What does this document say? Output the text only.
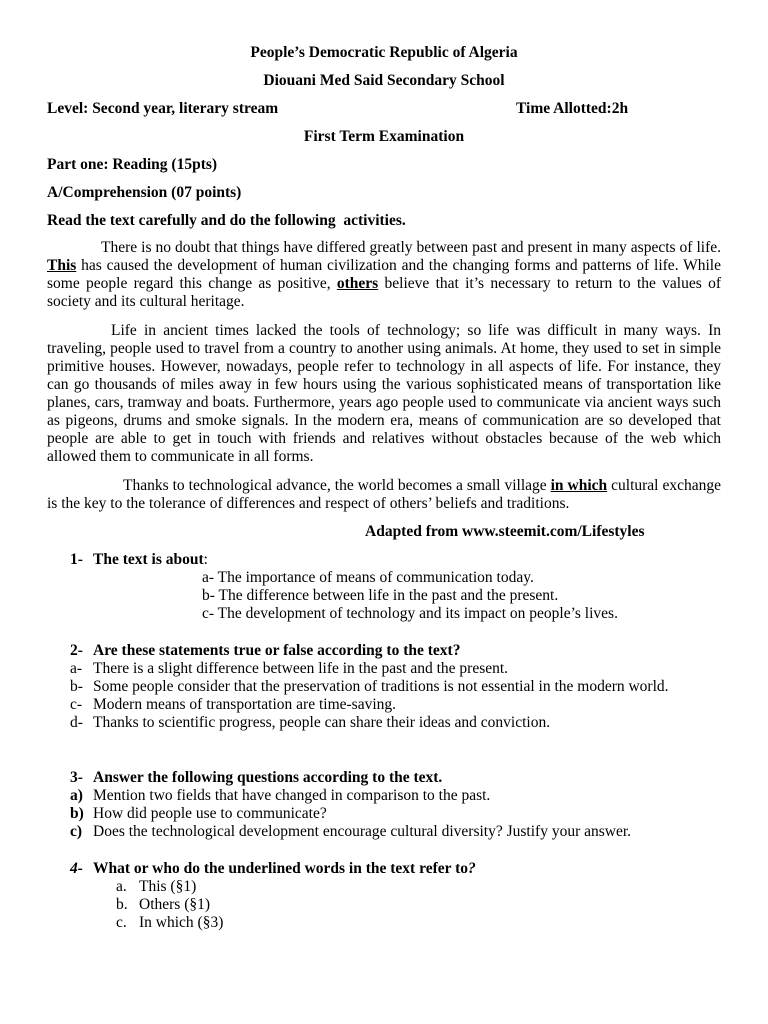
People’s Democratic Republic of Algeria
Diouani Med Said Secondary School
Level: Second year, literary stream	Time Allotted:2h
First Term Examination
Part one: Reading (15pts)
A/Comprehension (07 points)
Read the text carefully and do the following  activities.

There is no doubt that things have differed greatly between past and present in many aspects of life. This has caused the development of human civilization and the changing forms and patterns of life. While some people regard this change as positive, others believe that it’s necessary to return to the values of society and its cultural heritage.

Life in ancient times lacked the tools of technology; so life was difficult in many ways. In traveling, people used to travel from a country to another using animals. At home, they used to set in simple primitive houses. However, nowadays, people refer to technology in all aspects of life. For instance, they can go thousands of miles away in few hours using the various sophisticated means of transportation like planes, cars, tramway and boats. Furthermore, years ago people used to communicate via ancient ways such as pigeons, drums and smoke signals. In the modern era, means of communication are so developed that people are able to get in touch with friends and relatives without obstacles because of the web which allowed them to communicate in all forms.

Thanks to technological advance, the world becomes a small village in which cultural exchange is the key to the tolerance of differences and respect of others’ beliefs and traditions.

Adapted from www.steemit.com/Lifestyles
1- The text is about :
a- The importance of means of communication today.
b- The difference between life in the past and the present.
c- The development of technology and its impact on people’s lives.
2- Are these statements true or false according to the text?
a- There is a slight difference between life in the past and the present.
b- Some people consider that the preservation of traditions is not essential in the modern world.
c- Modern means of transportation are time-saving.
d- Thanks to scientific progress, people can share their ideas and conviction.
3- Answer the following questions according to the text.
a) Mention two fields that have changed in comparison to the past.
b) How did people use to communicate?
c) Does the technological development encourage cultural diversity? Justify your answer.
4- What or who do the underlined words in the text refer to ?
a. This (§1)
b. Others (§1)
c. In which (§3)
